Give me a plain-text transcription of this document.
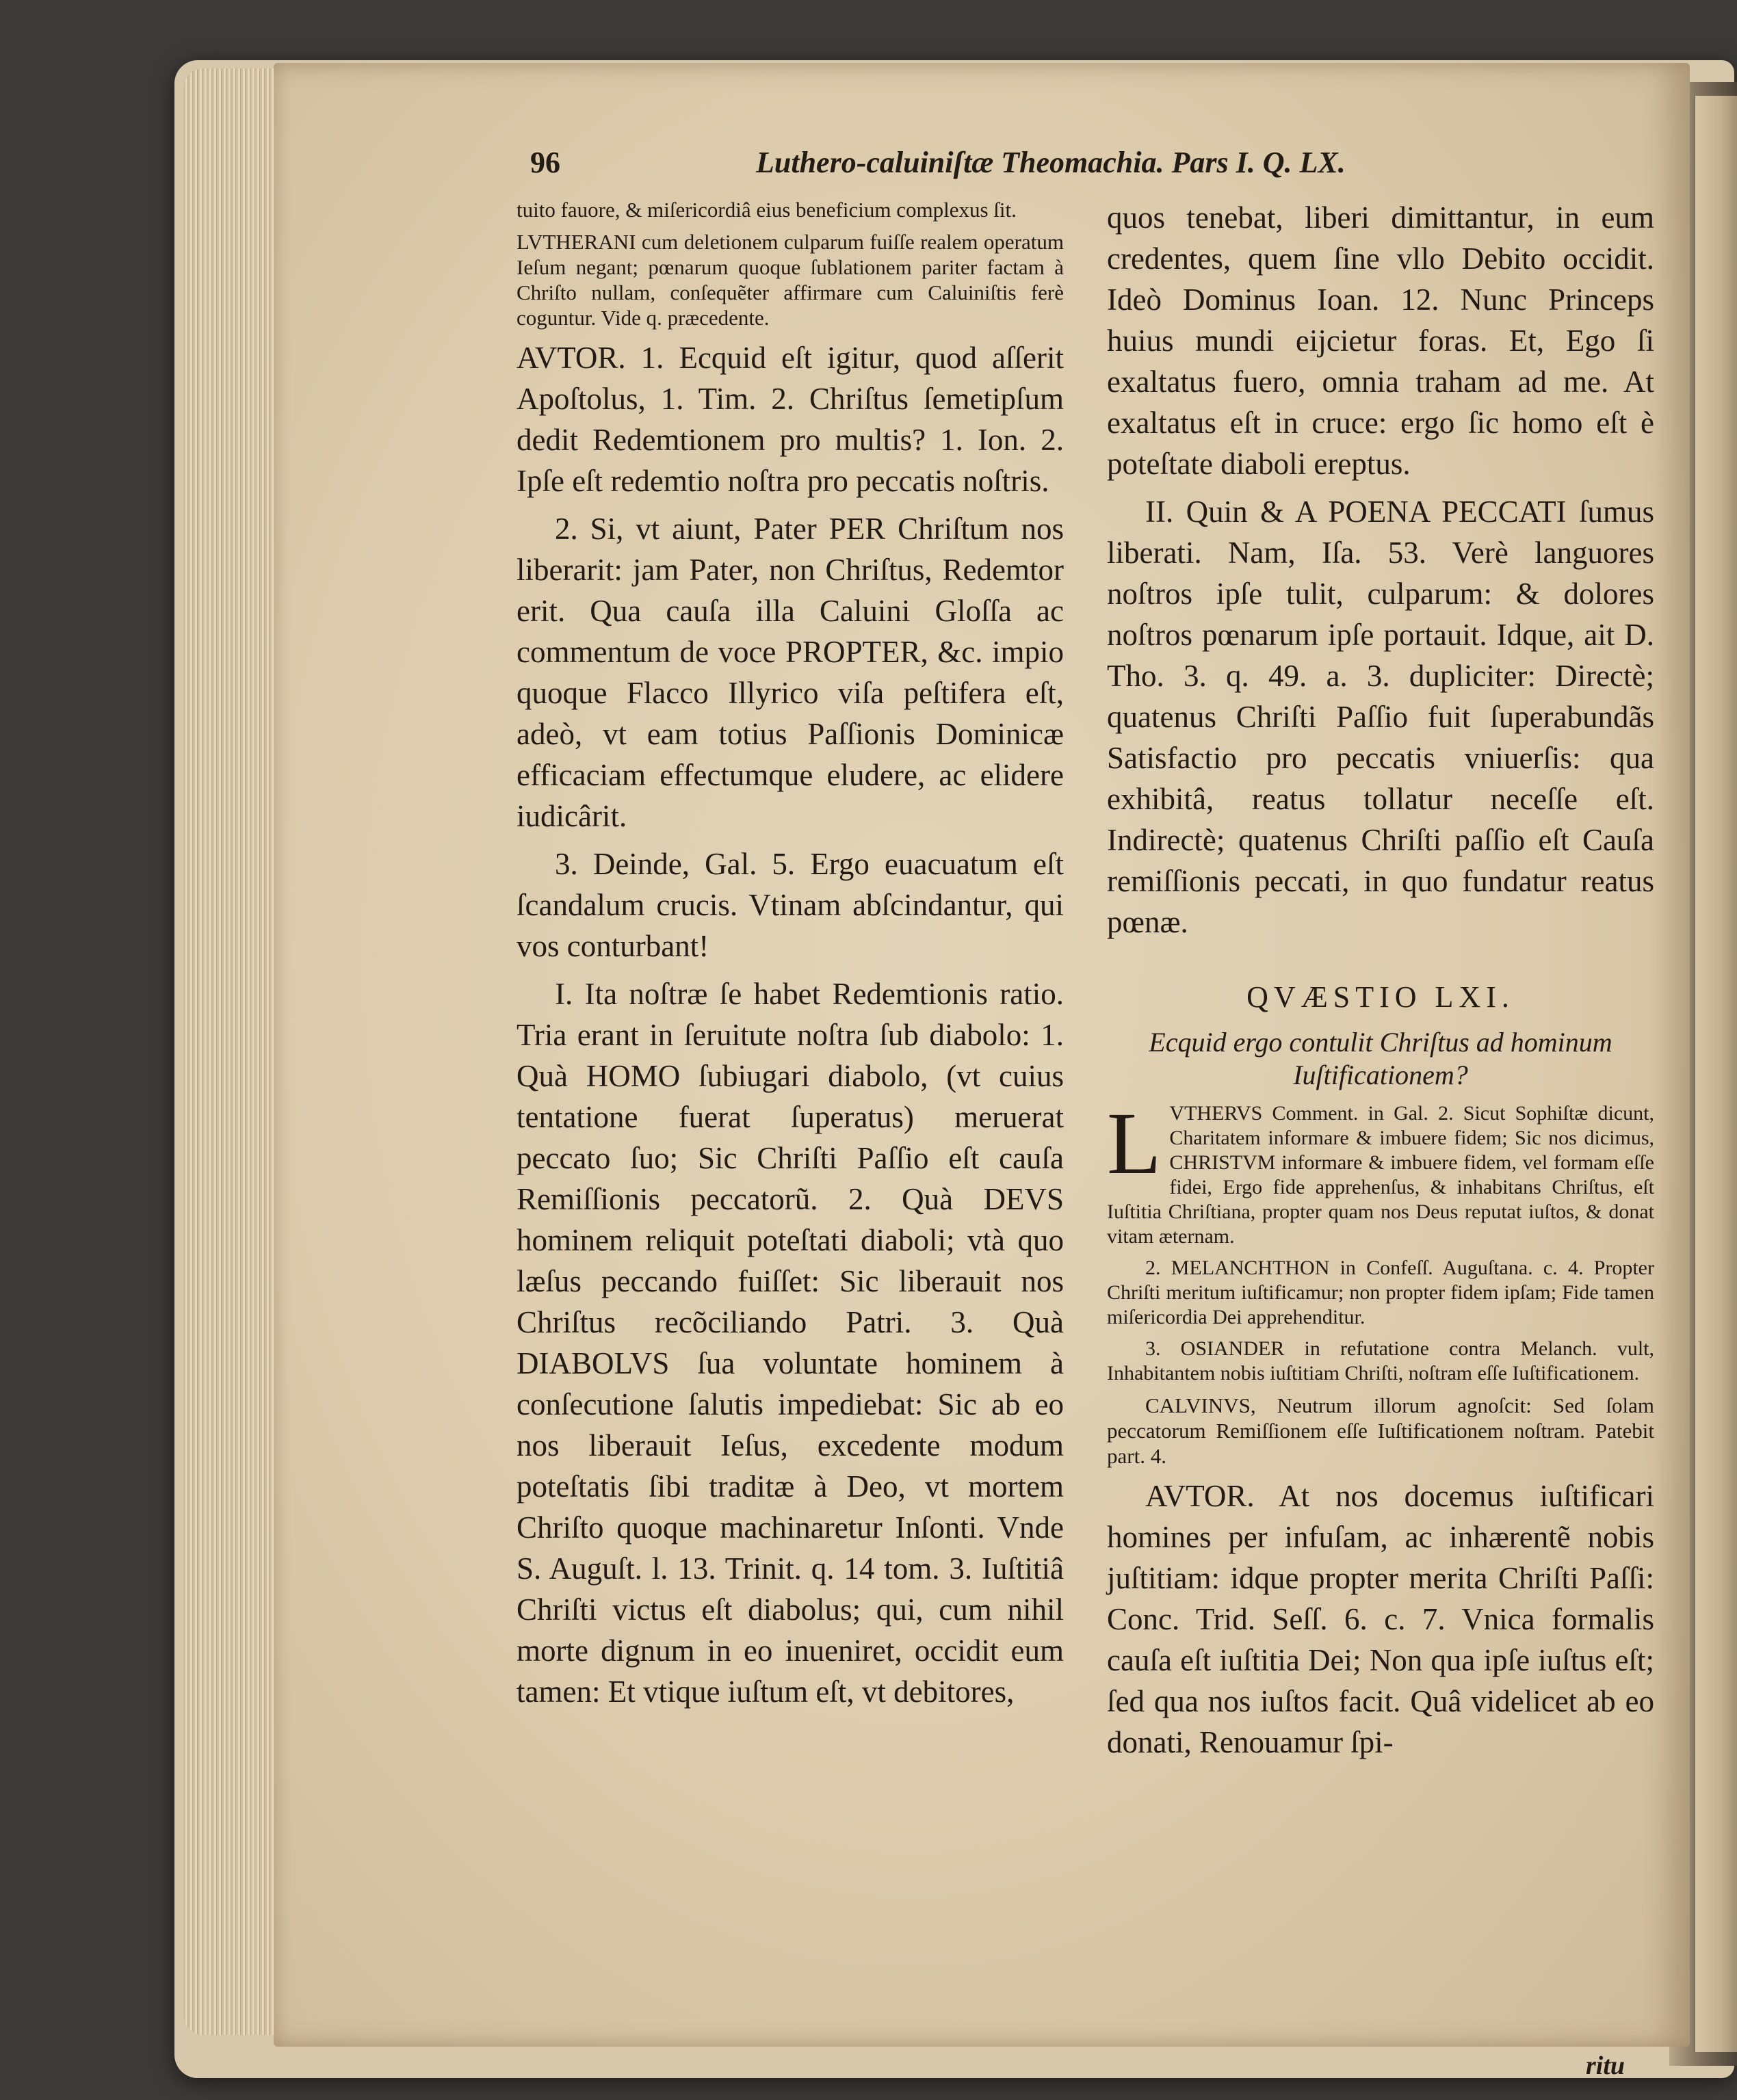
96	Luthero-caluiniſtæ Theomachia. Pars I. Q. LX.

tuito fauore, & miſericordiâ eius beneficium complexus ſit.

LVTHERANI cum deletionem culparum fuiſſe realem operatum Ieſum negant; pœnarum quoque ſublationem pariter factam à Chriſto nullam, conſequẽter affirmare cum Caluiniſtis ferè coguntur. Vide q. præcedente.

AVTOR. 1. Ecquid eſt igitur, quod aſſerit Apoſtolus, 1. Tim. 2. Chriſtus ſemetipſum dedit Redemtionem pro multis? 1. Ion. 2. Ipſe eſt redemtio noſtra pro peccatis noſtris.

2. Si, vt aiunt, Pater PER Chriſtum nos liberarit: jam Pater, non Chriſtus, Redemtor erit. Qua cauſa illa Caluini Gloſſa ac commentum de voce PROPTER, &c. impio quoque Flacco Illyrico viſa peſtifera eſt, adeò, vt eam totius Paſſionis Dominicæ efficaciam effectumque eludere, ac elidere iudicârit.

3. Deinde, Gal. 5. Ergo euacuatum eſt ſcandalum crucis. Vtinam abſcindantur, qui vos conturbant!

I. Ita noſtræ ſe habet Redemtionis ratio. Tria erant in ſeruitute noſtra ſub diabolo: 1. Quà HOMO ſubiugari diabolo, (vt cuius tentatione fuerat ſuperatus) meruerat peccato ſuo; Sic Chriſti Paſſio eſt cauſa Remiſſionis peccatorũ. 2. Quà DEVS hominem reliquit poteſtati diaboli; vtà quo læſus peccando fuiſſet: Sic liberauit nos Chriſtus recõciliando Patri. 3. Quà DIABOLVS ſua voluntate hominem à conſecutione ſalutis impediebat: Sic ab eo nos liberauit Ieſus, excedente modum poteſtatis ſibi traditæ à Deo, vt mortem Chriſto quoque machinaretur Inſonti. Vnde S. Auguſt. l. 13. Trinit. q. 14 tom. 3. Iuſtitiâ Chriſti victus eſt diabolus; qui, cum nihil morte dignum in eo inueniret, occidit eum tamen: Et vtique iuſtum eſt, vt debitores,

quos tenebat, liberi dimittantur, in eum credentes, quem ſine vllo Debito occidit. Ideò Dominus Ioan. 12. Nunc Princeps huius mundi eijcietur foras. Et, Ego ſi exaltatus fuero, omnia traham ad me. At exaltatus eſt in cruce: ergo ſic homo eſt è poteſtate diaboli ereptus.

II. Quin & A POENA PECCATI ſumus liberati. Nam, Iſa. 53. Verè languores noſtros ipſe tulit, culparum: & dolores noſtros pœnarum ipſe portauit. Idque, ait D. Tho. 3. q. 49. a. 3. dupliciter: Directè; quatenus Chriſti Paſſio fuit ſuperabundãs Satisfactio pro peccatis vniuerſis: qua exhibitâ, reatus tollatur neceſſe eſt. Indirectè; quatenus Chriſti paſſio eſt Cauſa remiſſionis peccati, in quo fundatur reatus pœnæ.

QVÆSTIO LXI.
Ecquid ergo contulit Chriſtus ad hominum Iuſtificationem?

LVTHERVS Comment. in Gal. 2. Sicut Sophiſtæ dicunt, Charitatem informare & imbuere fidem; Sic nos dicimus, CHRISTVM informare & imbuere fidem, vel formam eſſe fidei, Ergo fide apprehenſus, & inhabitans Chriſtus, eſt Iuſtitia Chriſtiana, propter quam nos Deus reputat iuſtos, & donat vitam æternam.

2. MELANCHTHON in Confeſſ. Auguſtana. c. 4. Propter Chriſti meritum iuſtificamur; non propter fidem ipſam; Fide tamen miſericordia Dei apprehenditur.

3. OSIANDER in refutatione contra Melanch. vult, Inhabitantem nobis iuſtitiam Chriſti, noſtram eſſe Iuſtificationem.

CALVINVS, Neutrum illorum agnoſcit: Sed ſolam peccatorum Remiſſionem eſſe Iuſtificationem noſtram. Patebit part. 4.

AVTOR. At nos docemus iuſtificari homines per infuſam, ac inhærentẽ nobis juſtitiam: idque propter merita Chriſti Paſſi: Conc. Trid. Seſſ. 6. c. 7. Vnica formalis cauſa eſt iuſtitia Dei; Non qua ipſe iuſtus eſt; ſed qua nos iuſtos facit. Quâ videlicet ab eo donati, Renouamur ſpi-

ritu
